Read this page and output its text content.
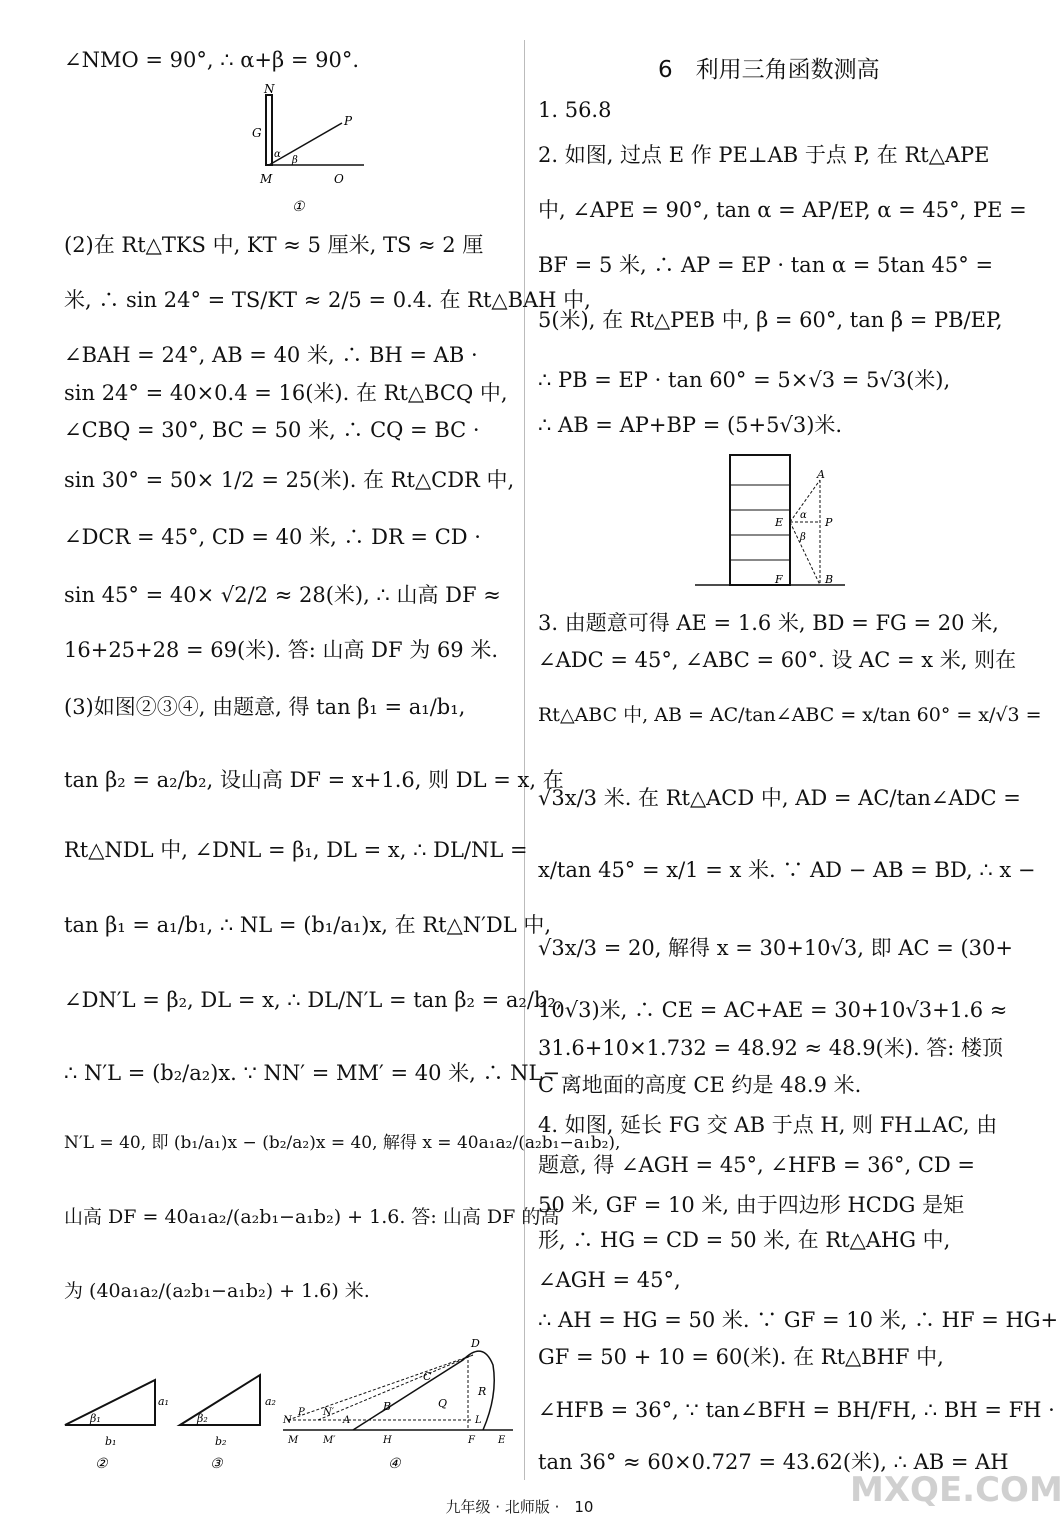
∠NMO = 90°, ∴ α+β = 90°.
N
G
P
M	O
α
β
①
(2)在 Rt△TKS 中, KT ≈ 5 厘米, TS ≈ 2 厘
米, ∴ sin 24° = TS/KT ≈ 2/5 = 0.4. 在 Rt△BAH 中,
∠BAH = 24°, AB = 40 米, ∴ BH = AB ·
sin 24° = 40×0.4 = 16(米). 在 Rt△BCQ 中,
∠CBQ = 30°, BC = 50 米, ∴ CQ = BC ·
sin 30° = 50× 1/2 = 25(米). 在 Rt△CDR 中,
∠DCR = 45°, CD = 40 米, ∴ DR = CD ·
sin 45° = 40× √2/2 ≈ 28(米), ∴ 山高 DF ≈
16+25+28 = 69(米). 答: 山高 DF 为 69 米.
(3)如图②③④, 由题意, 得 tan β₁ = a₁/b₁,
tan β₂ = a₂/b₂, 设山高 DF = x+1.6, 则 DL = x, 在
Rt△NDL 中, ∠DNL = β₁, DL = x, ∴ DL/NL =
tan β₁ = a₁/b₁, ∴ NL = (b₁/a₁)x, 在 Rt△N′DL 中,
∠DN′L = β₂, DL = x, ∴ DL/N′L = tan β₂ = a₂/b₂,
∴ N′L = (b₂/a₂)x. ∵ NN′ = MM′ = 40 米, ∴ NL−
N′L = 40, 即 (b₁/a₁)x − (b₂/a₂)x = 40, 解得 x = 40a₁a₂/(a₂b₁−a₁b₂),
山高 DF = 40a₁a₂/(a₂b₁−a₁b₂) + 1.6. 答: 山高 DF 的高
为 (40a₁a₂/(a₂b₁−a₁b₂) + 1.6) 米.
β₁
a₁
b₁
②
β₂
a₂
b₂
③
D
C
R
B	Q
A	L
N
P N′
M M′	H	F E
④
6　利用三角函数测高
1. 56.8
2. 如图, 过点 E 作 PE⊥AB 于点 P, 在 Rt△APE
中, ∠APE = 90°, tan α = AP/EP, α = 45°, PE =
BF = 5 米, ∴ AP = EP · tan α = 5tan 45° =
5(米), 在 Rt△PEB 中, β = 60°, tan β = PB/EP,
∴ PB = EP · tan 60° = 5×√3 = 5√3(米),
∴ AB = AP+BP = (5+5√3)米.
A
E
α
β
P
F	B
3. 由题意可得 AE = 1.6 米, BD = FG = 20 米,
∠ADC = 45°, ∠ABC = 60°. 设 AC = x 米, 则在
Rt△ABC 中, AB = AC/tan∠ABC = x/tan 60° = x/√3 =
√3x/3 米. 在 Rt△ACD 中, AD = AC/tan∠ADC =
x/tan 45° = x/1 = x 米. ∵ AD − AB = BD, ∴ x −
√3x/3 = 20, 解得 x = 30+10√3, 即 AC = (30+
10√3)米, ∴ CE = AC+AE = 30+10√3+1.6 ≈
31.6+10×1.732 = 48.92 ≈ 48.9(米). 答: 楼顶
C 离地面的高度 CE 约是 48.9 米.
4. 如图, 延长 FG 交 AB 于点 H, 则 FH⊥AC, 由
题意, 得 ∠AGH = 45°, ∠HFB = 36°, CD =
50 米, GF = 10 米, 由于四边形 HCDG 是矩
形, ∴ HG = CD = 50 米, 在 Rt△AHG 中,
∠AGH = 45°,
∴ AH = HG = 50 米. ∵ GF = 10 米, ∴ HF = HG+
GF = 50 + 10 = 60(米). 在 Rt△BHF 中,
∠HFB = 36°, ∵ tan∠BFH = BH/FH, ∴ BH = FH ·
tan 36° ≈ 60×0.727 = 43.62(米), ∴ AB = AH
九年级 · 北师版 ·　10	MXQE.COM
